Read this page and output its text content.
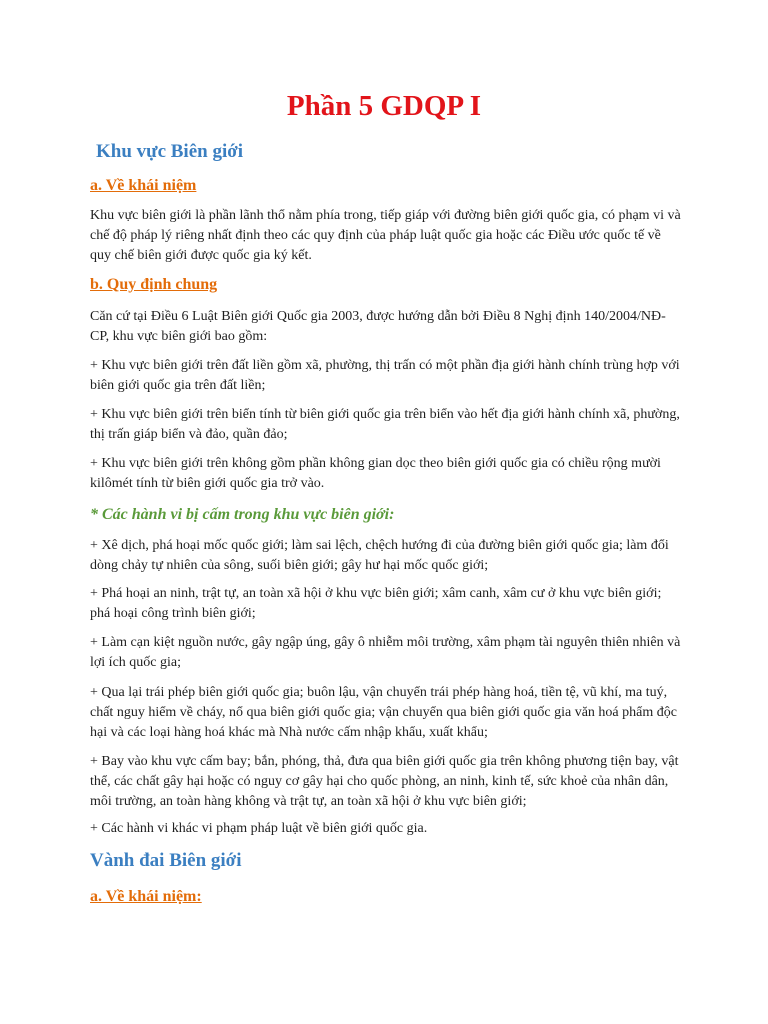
Phần 5 GDQP I
Khu vực Biên giới
a. Về khái niệm

Khu vực biên giới là phần lãnh thổ nằm phía trong, tiếp giáp với đường biên giới quốc gia, có phạm vi và chế độ pháp lý riêng nhất định theo các quy định của pháp luật quốc gia hoặc các Điều ước quốc tế về quy chế biên giới được quốc gia ký kết.

b. Quy định chung

Căn cứ tại Điều 6 Luật Biên giới Quốc gia 2003, được hướng dẫn bởi Điều 8 Nghị định 140/2004/NĐ-CP, khu vực biên giới bao gồm:

+ Khu vực biên giới trên đất liền gồm xã, phường, thị trấn có một phần địa giới hành chính trùng hợp với biên giới quốc gia trên đất liền;

+ Khu vực biên giới trên biển tính từ biên giới quốc gia trên biển vào hết địa giới hành chính xã, phường, thị trấn giáp biển và đảo, quần đảo;

+ Khu vực biên giới trên không gồm phần không gian dọc theo biên giới quốc gia có chiều rộng mười kilômét tính từ biên giới quốc gia trở vào.

* Các hành vi bị cấm trong khu vực biên giới:

+ Xê dịch, phá hoại mốc quốc giới; làm sai lệch, chệch hướng đi của đường biên giới quốc gia; làm đổi dòng chảy tự nhiên của sông, suối biên giới; gây hư hại mốc quốc giới;

+ Phá hoại an ninh, trật tự, an toàn xã hội ở khu vực biên giới; xâm canh, xâm cư ở khu vực biên giới; phá hoại công trình biên giới;

+ Làm cạn kiệt nguồn nước, gây ngập úng, gây ô nhiễm môi trường, xâm phạm tài nguyên thiên nhiên và lợi ích quốc gia;

+ Qua lại trái phép biên giới quốc gia; buôn lậu, vận chuyển trái phép hàng hoá, tiền tệ, vũ khí, ma tuý, chất nguy hiểm về cháy, nổ qua biên giới quốc gia; vận chuyển qua biên giới quốc gia văn hoá phẩm độc hại và các loại hàng hoá khác mà Nhà nước cấm nhập khẩu, xuất khẩu;

+ Bay vào khu vực cấm bay; bắn, phóng, thả, đưa qua biên giới quốc gia trên không phương tiện bay, vật thể, các chất gây hại hoặc có nguy cơ gây hại cho quốc phòng, an ninh, kinh tế, sức khoẻ của nhân dân, môi trường, an toàn hàng không và trật tự, an toàn xã hội ở khu vực biên giới;

+ Các hành vi khác vi phạm pháp luật về biên giới quốc gia.

Vành đai Biên giới
a. Về khái niệm:
